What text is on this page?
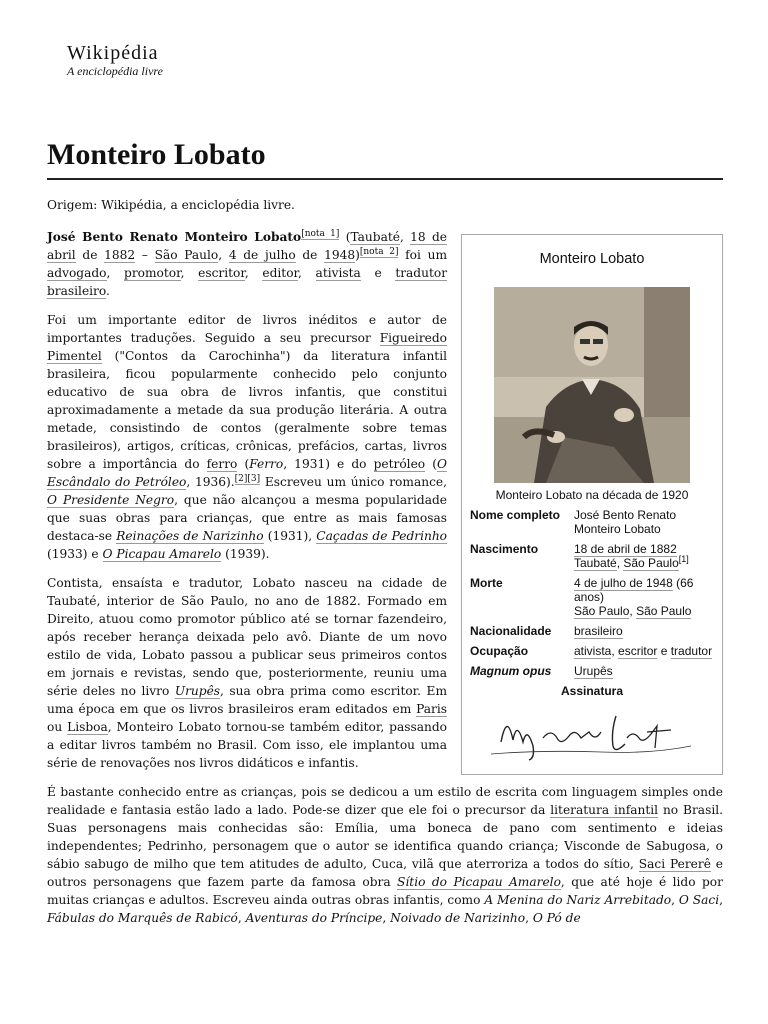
Wikipédia
A enciclopédia livre
Monteiro Lobato
Origem: Wikipédia, a enciclopédia livre.
Monteiro Lobato
Monteiro Lobato na década de 1920
Nome completo	José Bento Renato Monteiro Lobato
Nascimento	18 de abril de 1882
Taubaté, São Paulo[1]
Morte	4 de julho de 1948 (66 anos)
São Paulo, São Paulo
Nacionalidade	brasileiro
Ocupação	ativista, escritor e tradutor
Magnum opus	Urupês
Assinatura

José Bento Renato Monteiro Lobato[nota 1] (Taubaté, 18 de abril de 1882 – São Paulo, 4 de julho de 1948)[nota 2] foi um advogado, promotor, escritor, editor, ativista e tradutor brasileiro.

Foi um importante editor de livros inéditos e autor de importantes traduções. Seguido a seu precursor Figueiredo Pimentel ("Contos da Carochinha") da literatura infantil brasileira, ficou popularmente conhecido pelo conjunto educativo de sua obra de livros infantis, que constitui aproximadamente a metade da sua produção literária. A outra metade, consistindo de contos (geralmente sobre temas brasileiros), artigos, críticas, crônicas, prefácios, cartas, livros sobre a importância do ferro (Ferro, 1931) e do petróleo (O Escândalo do Petróleo, 1936).[2][3] Escreveu um único romance, O Presidente Negro, que não alcançou a mesma popularidade que suas obras para crianças, que entre as mais famosas destaca-se Reinações de Narizinho (1931), Caçadas de Pedrinho (1933) e O Picapau Amarelo (1939).

Contista, ensaísta e tradutor, Lobato nasceu na cidade de Taubaté, interior de São Paulo, no ano de 1882. Formado em Direito, atuou como promotor público até se tornar fazendeiro, após receber herança deixada pelo avô. Diante de um novo estilo de vida, Lobato passou a publicar seus primeiros contos em jornais e revistas, sendo que, posteriormente, reuniu uma série deles no livro Urupês, sua obra prima como escritor. Em uma época em que os livros brasileiros eram editados em Paris ou Lisboa, Monteiro Lobato tornou-se também editor, passando a editar livros também no Brasil. Com isso, ele implantou uma série de renovações nos livros didáticos e infantis.

É bastante conhecido entre as crianças, pois se dedicou a um estilo de escrita com linguagem simples onde realidade e fantasia estão lado a lado. Pode-se dizer que ele foi o precursor da literatura infantil no Brasil. Suas personagens mais conhecidas são: Emília, uma boneca de pano com sentimento e ideias independentes; Pedrinho, personagem que o autor se identifica quando criança; Visconde de Sabugosa, o sábio sabugo de milho que tem atitudes de adulto, Cuca, vilã que aterroriza a todos do sítio, Saci Pererê e outros personagens que fazem parte da famosa obra Sítio do Picapau Amarelo, que até hoje é lido por muitas crianças e adultos. Escreveu ainda outras obras infantis, como A Menina do Nariz Arrebitado, O Saci, Fábulas do Marquês de Rabicó, Aventuras do Príncipe, Noivado de Narizinho, O Pó de
